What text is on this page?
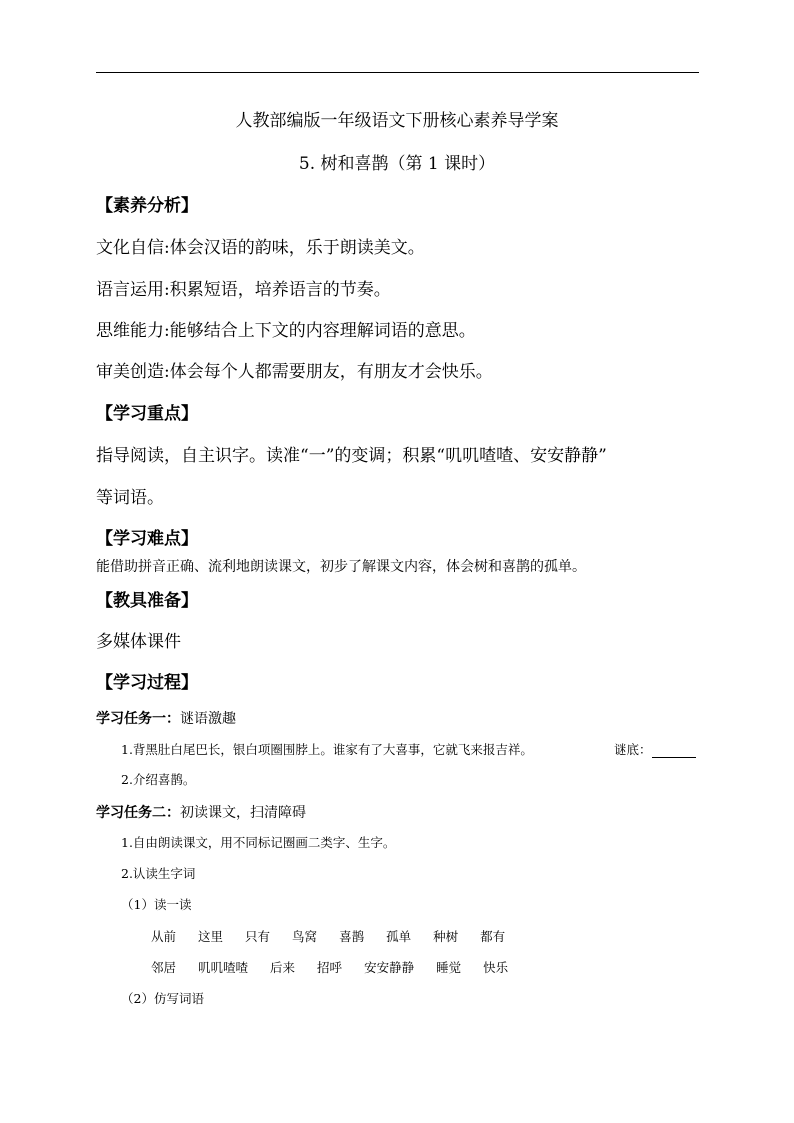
人教部编版一年级语文下册核心素养导学案
5. 树和喜鹊（第 1 课时）
【素养分析】
文化自信:体会汉语的韵味，乐于朗读美文。
语言运用:积累短语，培养语言的节奏。
思维能力:能够结合上下文的内容理解词语的意思。
审美创造:体会每个人都需要朋友，有朋友才会快乐。
【学习重点】
指导阅读，自主识字。读准“一”的变调；积累“叽叽喳喳、安安静静”
等词语。
【学习难点】
能借助拼音正确、流利地朗读课文，初步了解课文内容，体会树和喜鹊的孤单。
【教具准备】
多媒体课件
【学习过程】
学习任务一：谜语激趣
1.背黑肚白尾巴长，银白项圈围脖上。谁家有了大喜事，它就飞来报吉祥。	谜底：
2.介绍喜鹊。
学习任务二：初读课文，扫清障碍
1.自由朗读课文，用不同标记圈画二类字、生字。
2.认读生字词
（1）读一读
从前 这里 只有 鸟窝 喜鹊 孤单 种树 都有
邻居 叽叽喳喳 后来 招呼 安安静静 睡觉 快乐
（2）仿写词语
